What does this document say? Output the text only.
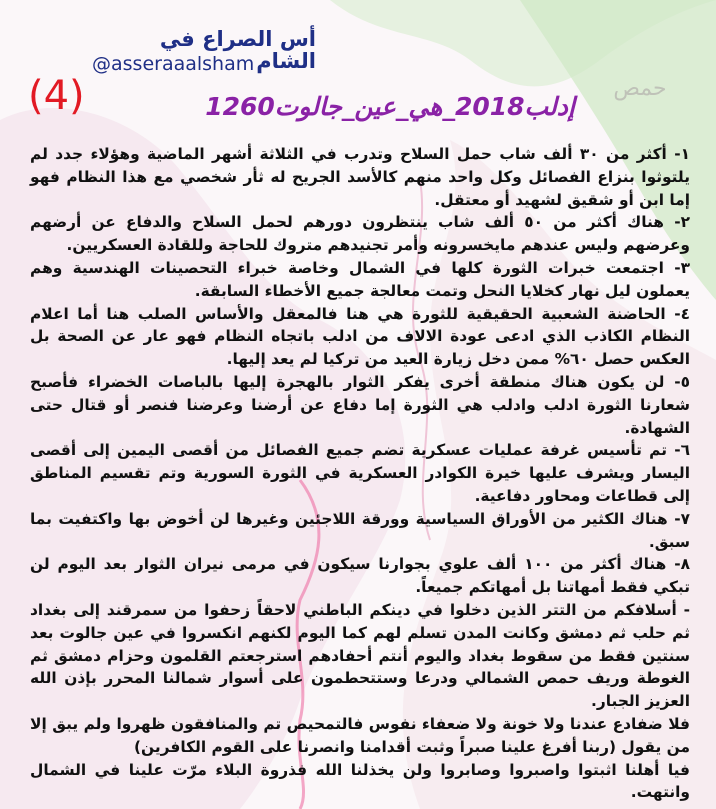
حمص
أس الصراع في الشام
@asseraaalsham
(4)	إدلب2018_هي_عين_جالوت1260

١- أكثر من ٣٠ ألف شاب حمل السلاح وتدرب في الثلاثة أشهر الماضية وهؤلاء جدد لم يلتوثوا بنزاع الفصائل وكل واحد منهم كالأسد الجريح له ثأر شخصي مع هذا النظام فهو إما ابن أو شقيق لشهيد أو معتقل.

٢- هناك أكثر من ٥٠ ألف شاب ينتظرون دورهم لحمل السلاح والدفاع عن أرضهم وعرضهم وليس عندهم مايخسرونه وأمر تجنيدهم متروك للحاجة وللقادة العسكريين.

٣- اجتمعت خبرات الثورة كلها في الشمال وخاصة خبراء التحصينات الهندسية وهم يعملون ليل نهار كخلايا النحل وتمت معالجة جميع الأخطاء السابقة.

٤- الحاضنة الشعبية الحقيقية للثورة هي هنا فالمعقل والأساس الصلب هنا أما اعلام النظام الكاذب الذي ادعى عودة الالاف من ادلب باتجاه النظام فهو عار عن الصحة بل العكس حصل ٦٠% ممن دخل زيارة العيد من تركيا لم يعد إليها.

٥- لن يكون هناك منطقة أخرى يفكر الثوار بالهجرة إليها بالباصات الخضراء فأصبح شعارنا الثورة ادلب وادلب هي الثورة إما دفاع عن أرضنا وعرضنا فنصر أو قتال حتى الشهادة.

٦- تم تأسيس غرفة عمليات عسكرية تضم جميع الفصائل من أقصى اليمين إلى أقصى اليسار ويشرف عليها خيرة الكوادر العسكرية في الثورة السورية وتم تقسيم المناطق إلى قطاعات ومحاور دفاعية.

٧- هناك الكثير من الأوراق السياسية وورقة اللاجئين وغيرها لن أخوض بها واكتفيت بما سبق.

٨- هناك أكثر من ١٠٠ ألف علوي بجوارنا سيكون في مرمى نيران الثوار بعد اليوم لن تبكي فقط أمهاتنا بل أمهاتكم جميعاً.

- أسلافكم من التتر الذين دخلوا في دينكم الباطني لاحقاً زحفوا من سمرقند إلى بغداد ثم حلب ثم دمشق وكانت المدن تسلم لهم كما اليوم لكنهم انكسروا في عين جالوت بعد سنتين فقط من سقوط بغداد واليوم أنتم أحفادهم استرجعتم القلمون وحزام دمشق ثم الغوطة وريف حمص الشمالي ودرعا وستتحطمون على أسوار شمالنا المحرر بإذن الله العزيز الجبار.

فلا ضفادع عندنا ولا خونة ولا ضعفاء نفوس فالتمحيص تم والمنافقون ظهروا ولم يبق إلا من يقول (ربنا أفرغ علينا صبراً وثبت أقدامنا وانصرنا على القوم الكافرين)

فيا أهلنا اثبتوا واصبروا وصابروا ولن يخذلنا الله فذروة البلاء مرّت علينا في الشمال وانتهت.
